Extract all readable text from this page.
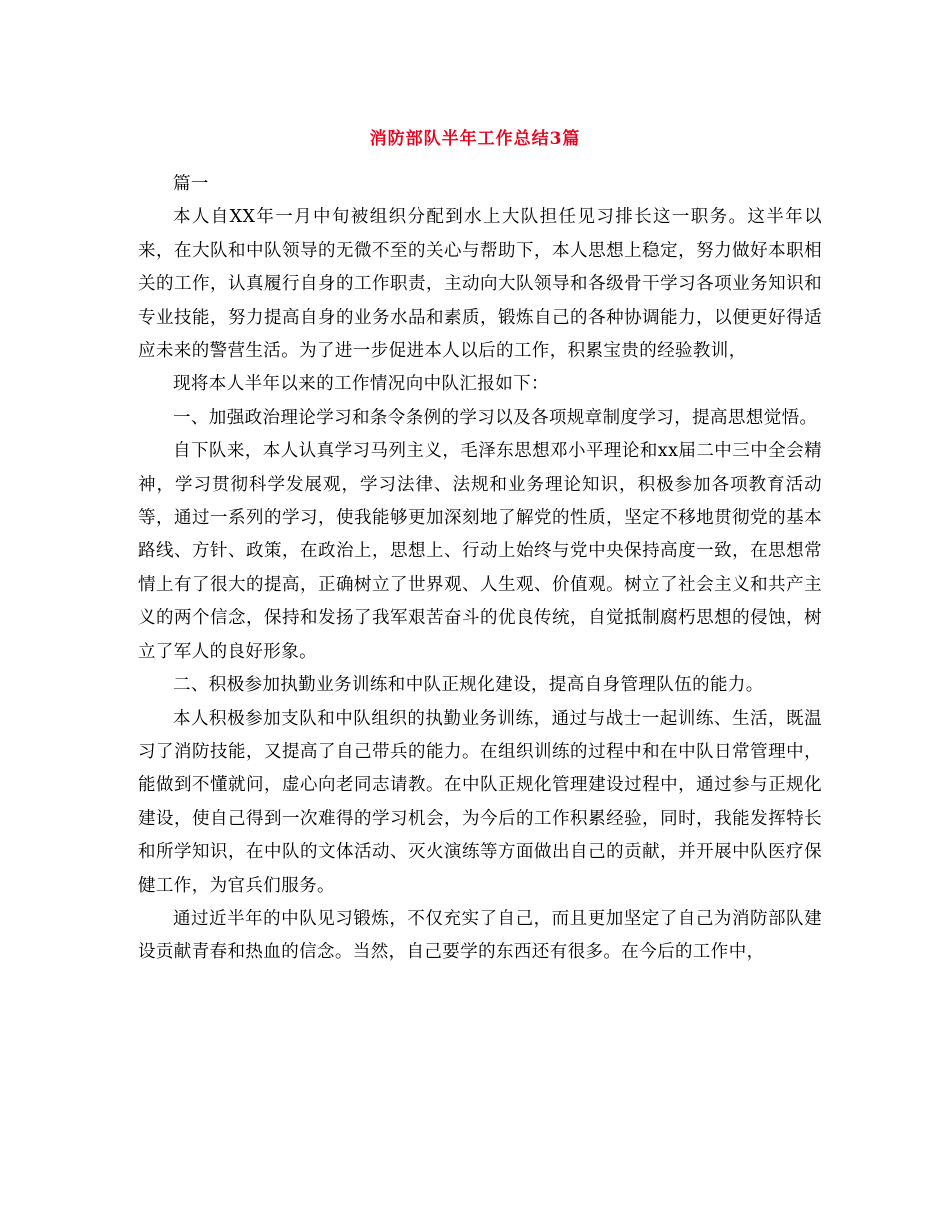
消防部队半年工作总结3篇

篇一

本人自XX年一月中旬被组织分配到水上大队担任见习排长这一职务。这半年以来，在大队和中队领导的无微不至的关心与帮助下，本人思想上稳定，努力做好本职相关的工作，认真履行自身的工作职责，主动向大队领导和各级骨干学习各项业务知识和专业技能，努力提高自身的业务水品和素质，锻炼自己的各种协调能力，以便更好得适应未来的警营生活。为了进一步促进本人以后的工作，积累宝贵的经验教训，

现将本人半年以来的工作情况向中队汇报如下：

一、加强政治理论学习和条令条例的学习以及各项规章制度学习，提高思想觉悟。

自下队来，本人认真学习马列主义，毛泽东思想邓小平理论和xx届二中三中全会精神，学习贯彻科学发展观，学习法律、法规和业务理论知识，积极参加各项教育活动等，通过一系列的学习，使我能够更加深刻地了解党的性质，坚定不移地贯彻党的基本路线、方针、政策，在政治上，思想上、行动上始终与党中央保持高度一致，在思想常情上有了很大的提高，正确树立了世界观、人生观、价值观。树立了社会主义和共产主义的两个信念，保持和发扬了我军艰苦奋斗的优良传统，自觉抵制腐朽思想的侵蚀，树立了军人的良好形象。

二、积极参加执勤业务训练和中队正规化建设，提高自身管理队伍的能力。

本人积极参加支队和中队组织的执勤业务训练，通过与战士一起训练、生活，既温习了消防技能，又提高了自己带兵的能力。在组织训练的过程中和在中队日常管理中，能做到不懂就问，虚心向老同志请教。在中队正规化管理建设过程中，通过参与正规化建设，使自己得到一次难得的学习机会，为今后的工作积累经验，同时，我能发挥特长和所学知识，在中队的文体活动、灭火演练等方面做出自己的贡献，并开展中队医疗保健工作，为官兵们服务。

通过近半年的中队见习锻炼，不仅充实了自己，而且更加坚定了自己为消防部队建设贡献青春和热血的信念。当然，自己要学的东西还有很多。在今后的工作中，
